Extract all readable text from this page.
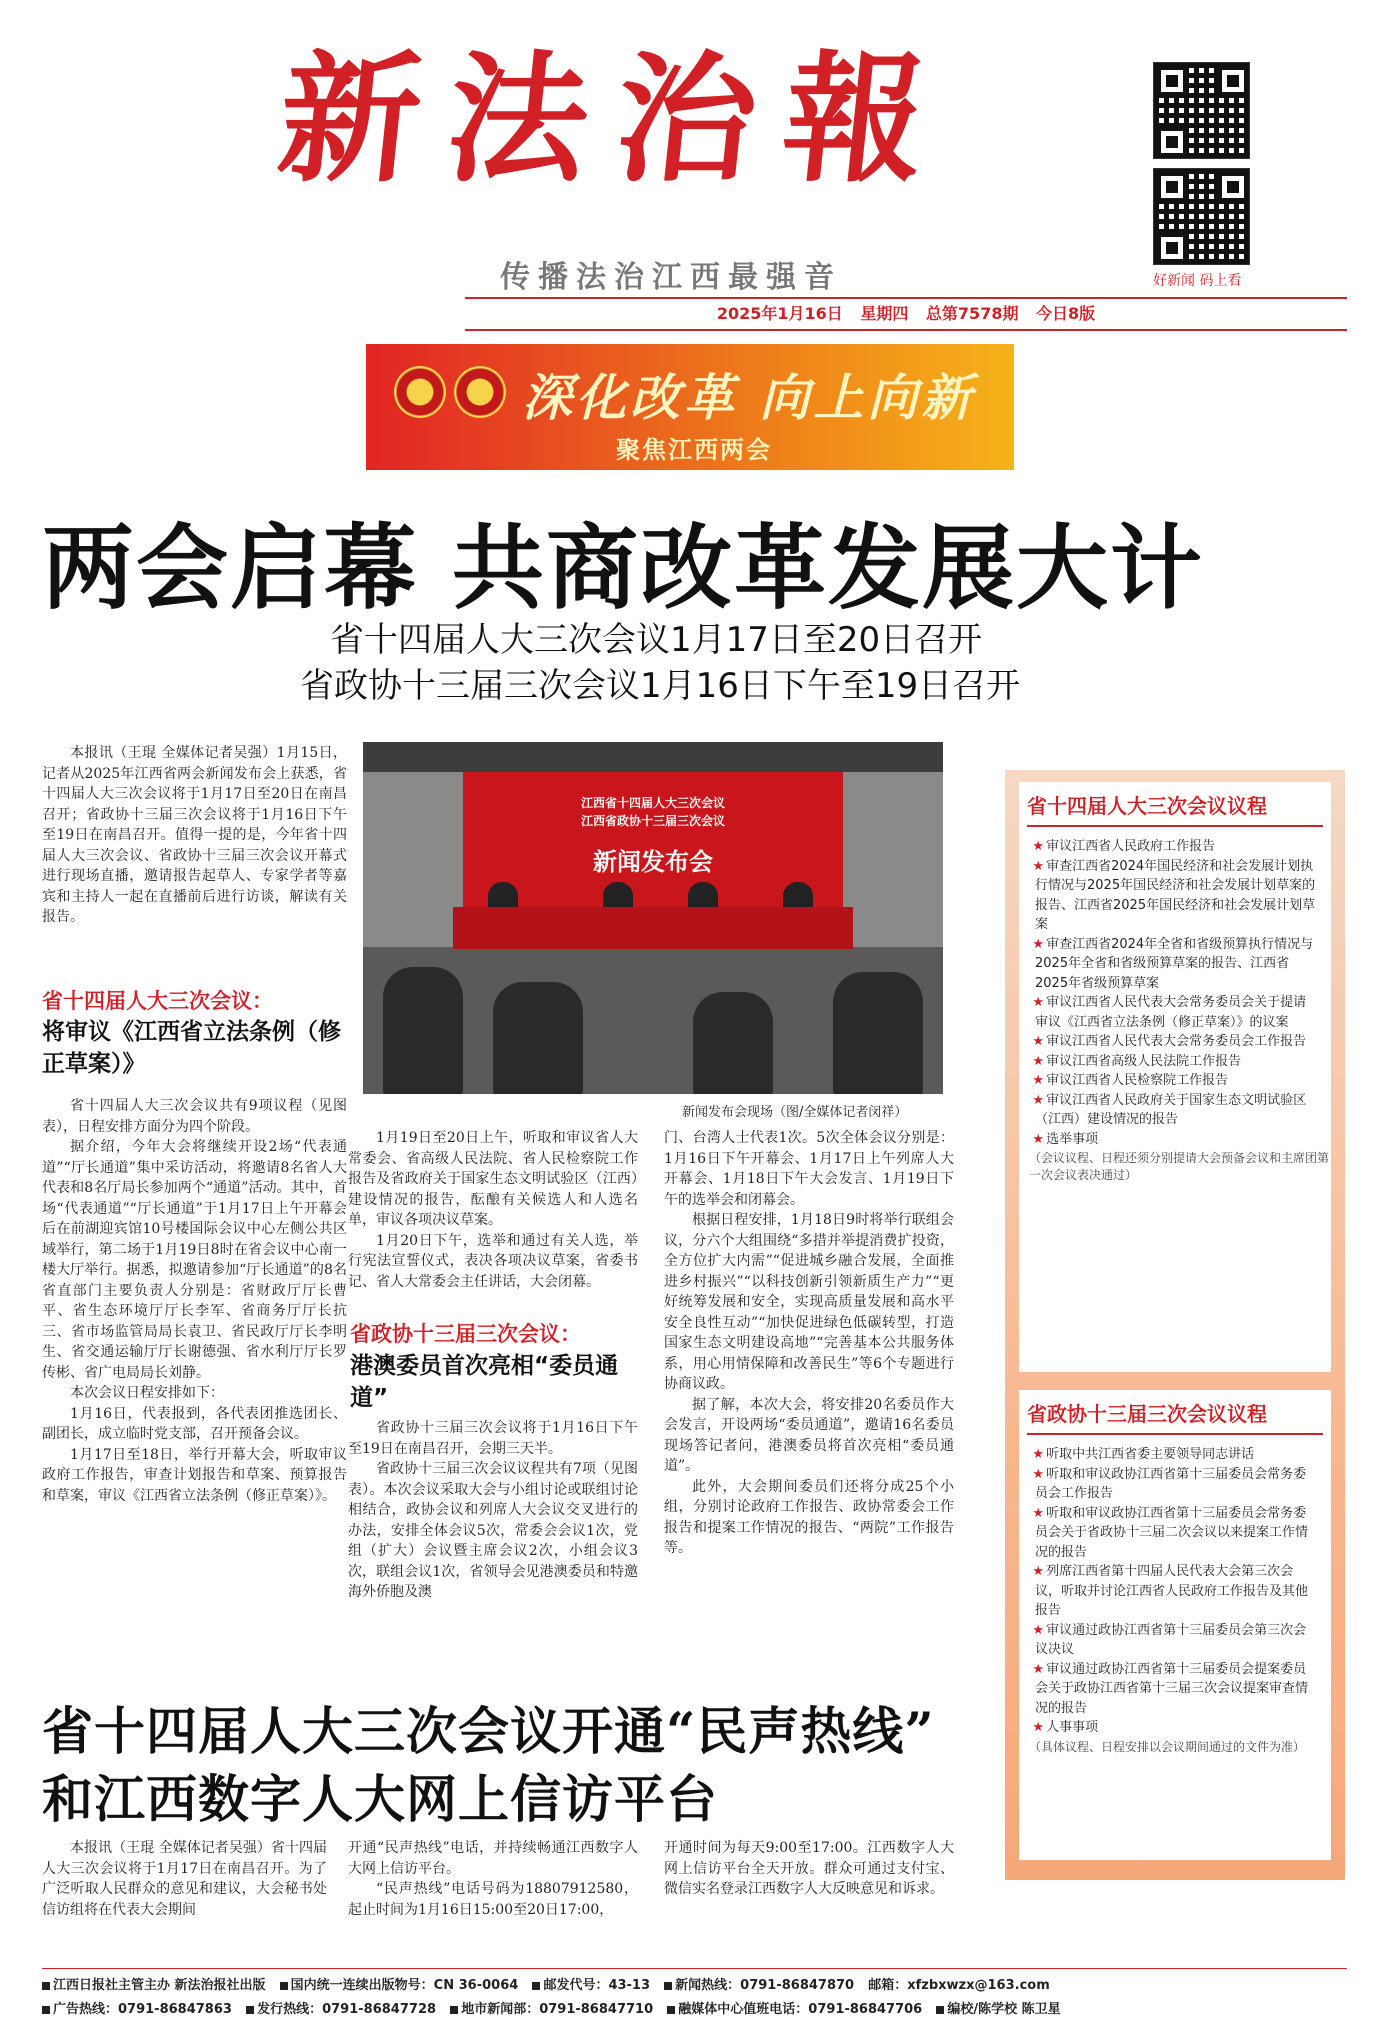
新法治報
传播法治江西最强音
2025年1月16日 星期四 总第7578期 今日8版
好新闻 码上看
深化改革 向上向新
聚焦江西两会
两会启幕 共商改革发展大计
省十四届人大三次会议1月17日至20日召开
省政协十三届三次会议1月16日下午至19日召开

本报讯（王琨 全媒体记者吴强）1月15日，记者从2025年江西省两会新闻发布会上获悉，省十四届人大三次会议将于1月17日至20日在南昌召开；省政协十三届三次会议将于1月16日下午至19日在南昌召开。值得一提的是，今年省十四届人大三次会议、省政协十三届三次会议开幕式进行现场直播，邀请报告起草人、专家学者等嘉宾和主持人一起在直播前后进行访谈，解读有关报告。

省十四届人大三次会议：
将审议《江西省立法条例（修正草案）》

省十四届人大三次会议共有9项议程（见图表），日程安排方面分为四个阶段。

据介绍，今年大会将继续开设2场“代表通道”“厅长通道”集中采访活动，将邀请8名省人大代表和8名厅局长参加两个“通道”活动。其中，首场“代表通道”“厅长通道”于1月17日上午开幕会后在前湖迎宾馆10号楼国际会议中心左侧公共区域举行，第二场于1月19日8时在省会议中心南一楼大厅举行。据悉，拟邀请参加“厅长通道”的8名省直部门主要负责人分别是：省财政厅厅长曹平、省生态环境厅厅长李军、省商务厅厅长抗三、省市场监管局局长袁卫、省民政厅厅长李明生、省交通运输厅厅长谢德强、省水利厅厅长罗传彬、省广电局局长刘静。

本次会议日程安排如下：

1月16日，代表报到，各代表团推选团长、副团长，成立临时党支部，召开预备会议。

1月17日至18日，举行开幕大会，听取审议政府工作报告，审查计划报告和草案、预算报告和草案，审议《江西省立法条例（修正草案）》。

江西省十四届人大三次会议
江西省政协十三届三次会议
新闻发布会
新闻发布会现场（图/全媒体记者闵祥）

1月19日至20日上午，听取和审议省人大常委会、省高级人民法院、省人民检察院工作报告及省政府关于国家生态文明试验区（江西）建设情况的报告，酝酿有关候选人和人选名单，审议各项决议草案。

1月20日下午，选举和通过有关人选，举行宪法宣誓仪式，表决各项决议草案，省委书记、省人大常委会主任讲话，大会闭幕。

省政协十三届三次会议：
港澳委员首次亮相“委员通道”

省政协十三届三次会议将于1月16日下午至19日在南昌召开，会期三天半。

省政协十三届三次会议议程共有7项（见图表）。本次会议采取大会与小组讨论或联组讨论相结合，政协会议和列席人大会议交叉进行的办法，安排全体会议5次，常委会会议1次，党组（扩大）会议暨主席会议2次，小组会议3次，联组会议1次，省领导会见港澳委员和特邀海外侨胞及澳

门、台湾人士代表1次。5次全体会议分别是：1月16日下午开幕会、1月17日上午列席人大开幕会、1月18日下午大会发言、1月19日下午的选举会和闭幕会。

根据日程安排，1月18日9时将举行联组会议，分六个大组围绕“多措并举提消费扩投资，全方位扩大内需”“促进城乡融合发展，全面推进乡村振兴”“以科技创新引领新质生产力”“更好统筹发展和安全，实现高质量发展和高水平安全良性互动”“加快促进绿色低碳转型，打造国家生态文明建设高地”“完善基本公共服务体系，用心用情保障和改善民生”等6个专题进行协商议政。

据了解，本次大会，将安排20名委员作大会发言，开设两场“委员通道”，邀请16名委员现场答记者问，港澳委员将首次亮相“委员通道”。

此外，大会期间委员们还将分成25个小组，分别讨论政府工作报告、政协常委会工作报告和提案工作情况的报告、“两院”工作报告等。

省十四届人大三次会议议程
★ 审议江西省人民政府工作报告
★ 审查江西省2024年国民经济和社会发展计划执行情况与2025年国民经济和社会发展计划草案的报告、江西省2025年国民经济和社会发展计划草案
★ 审查江西省2024年全省和省级预算执行情况与2025年全省和省级预算草案的报告、江西省2025年省级预算草案
★ 审议江西省人民代表大会常务委员会关于提请审议《江西省立法条例（修正草案）》的议案
★ 审议江西省人民代表大会常务委员会工作报告
★ 审议江西省高级人民法院工作报告
★ 审议江西省人民检察院工作报告
★ 审议江西省人民政府关于国家生态文明试验区（江西）建设情况的报告
★ 选举事项
（会议议程、日程还须分别提请大会预备会议和主席团第一次会议表决通过）
省政协十三届三次会议议程
★ 听取中共江西省委主要领导同志讲话
★ 听取和审议政协江西省第十三届委员会常务委员会工作报告
★ 听取和审议政协江西省第十三届委员会常务委员会关于省政协十三届二次会议以来提案工作情况的报告
★ 列席江西省第十四届人民代表大会第三次会议，听取并讨论江西省人民政府工作报告及其他报告
★ 审议通过政协江西省第十三届委员会第三次会议决议
★ 审议通过政协江西省第十三届委员会提案委员会关于政协江西省第十三届三次会议提案审查情况的报告
★ 人事事项
（具体议程、日程安排以会议期间通过的文件为准）
省十四届人大三次会议开通“民声热线”
和江西数字人大网上信访平台

本报讯（王琨 全媒体记者吴强）省十四届人大三次会议将于1月17日在南昌召开。为了广泛听取人民群众的意见和建议，大会秘书处信访组将在代表大会期间

开通“民声热线”电话，并持续畅通江西数字人大网上信访平台。

“民声热线”电话号码为18807912580，起止时间为1月16日15:00至20日17:00，

开通时间为每天9:00至17:00。江西数字人大网上信访平台全天开放。群众可通过支付宝、微信实名登录江西数字人大反映意见和诉求。

江西日报社主管主办 新法治报社出版 国内统一连续出版物号：CN 36-0064 邮发代号：43-13 新闻热线：0791-86847870 邮箱：xfzbxwzx@163.com
广告热线：0791-86847863 发行热线：0791-86847728 地市新闻部：0791-86847710 融媒体中心值班电话：0791-86847706 编校/陈学校 陈卫星
